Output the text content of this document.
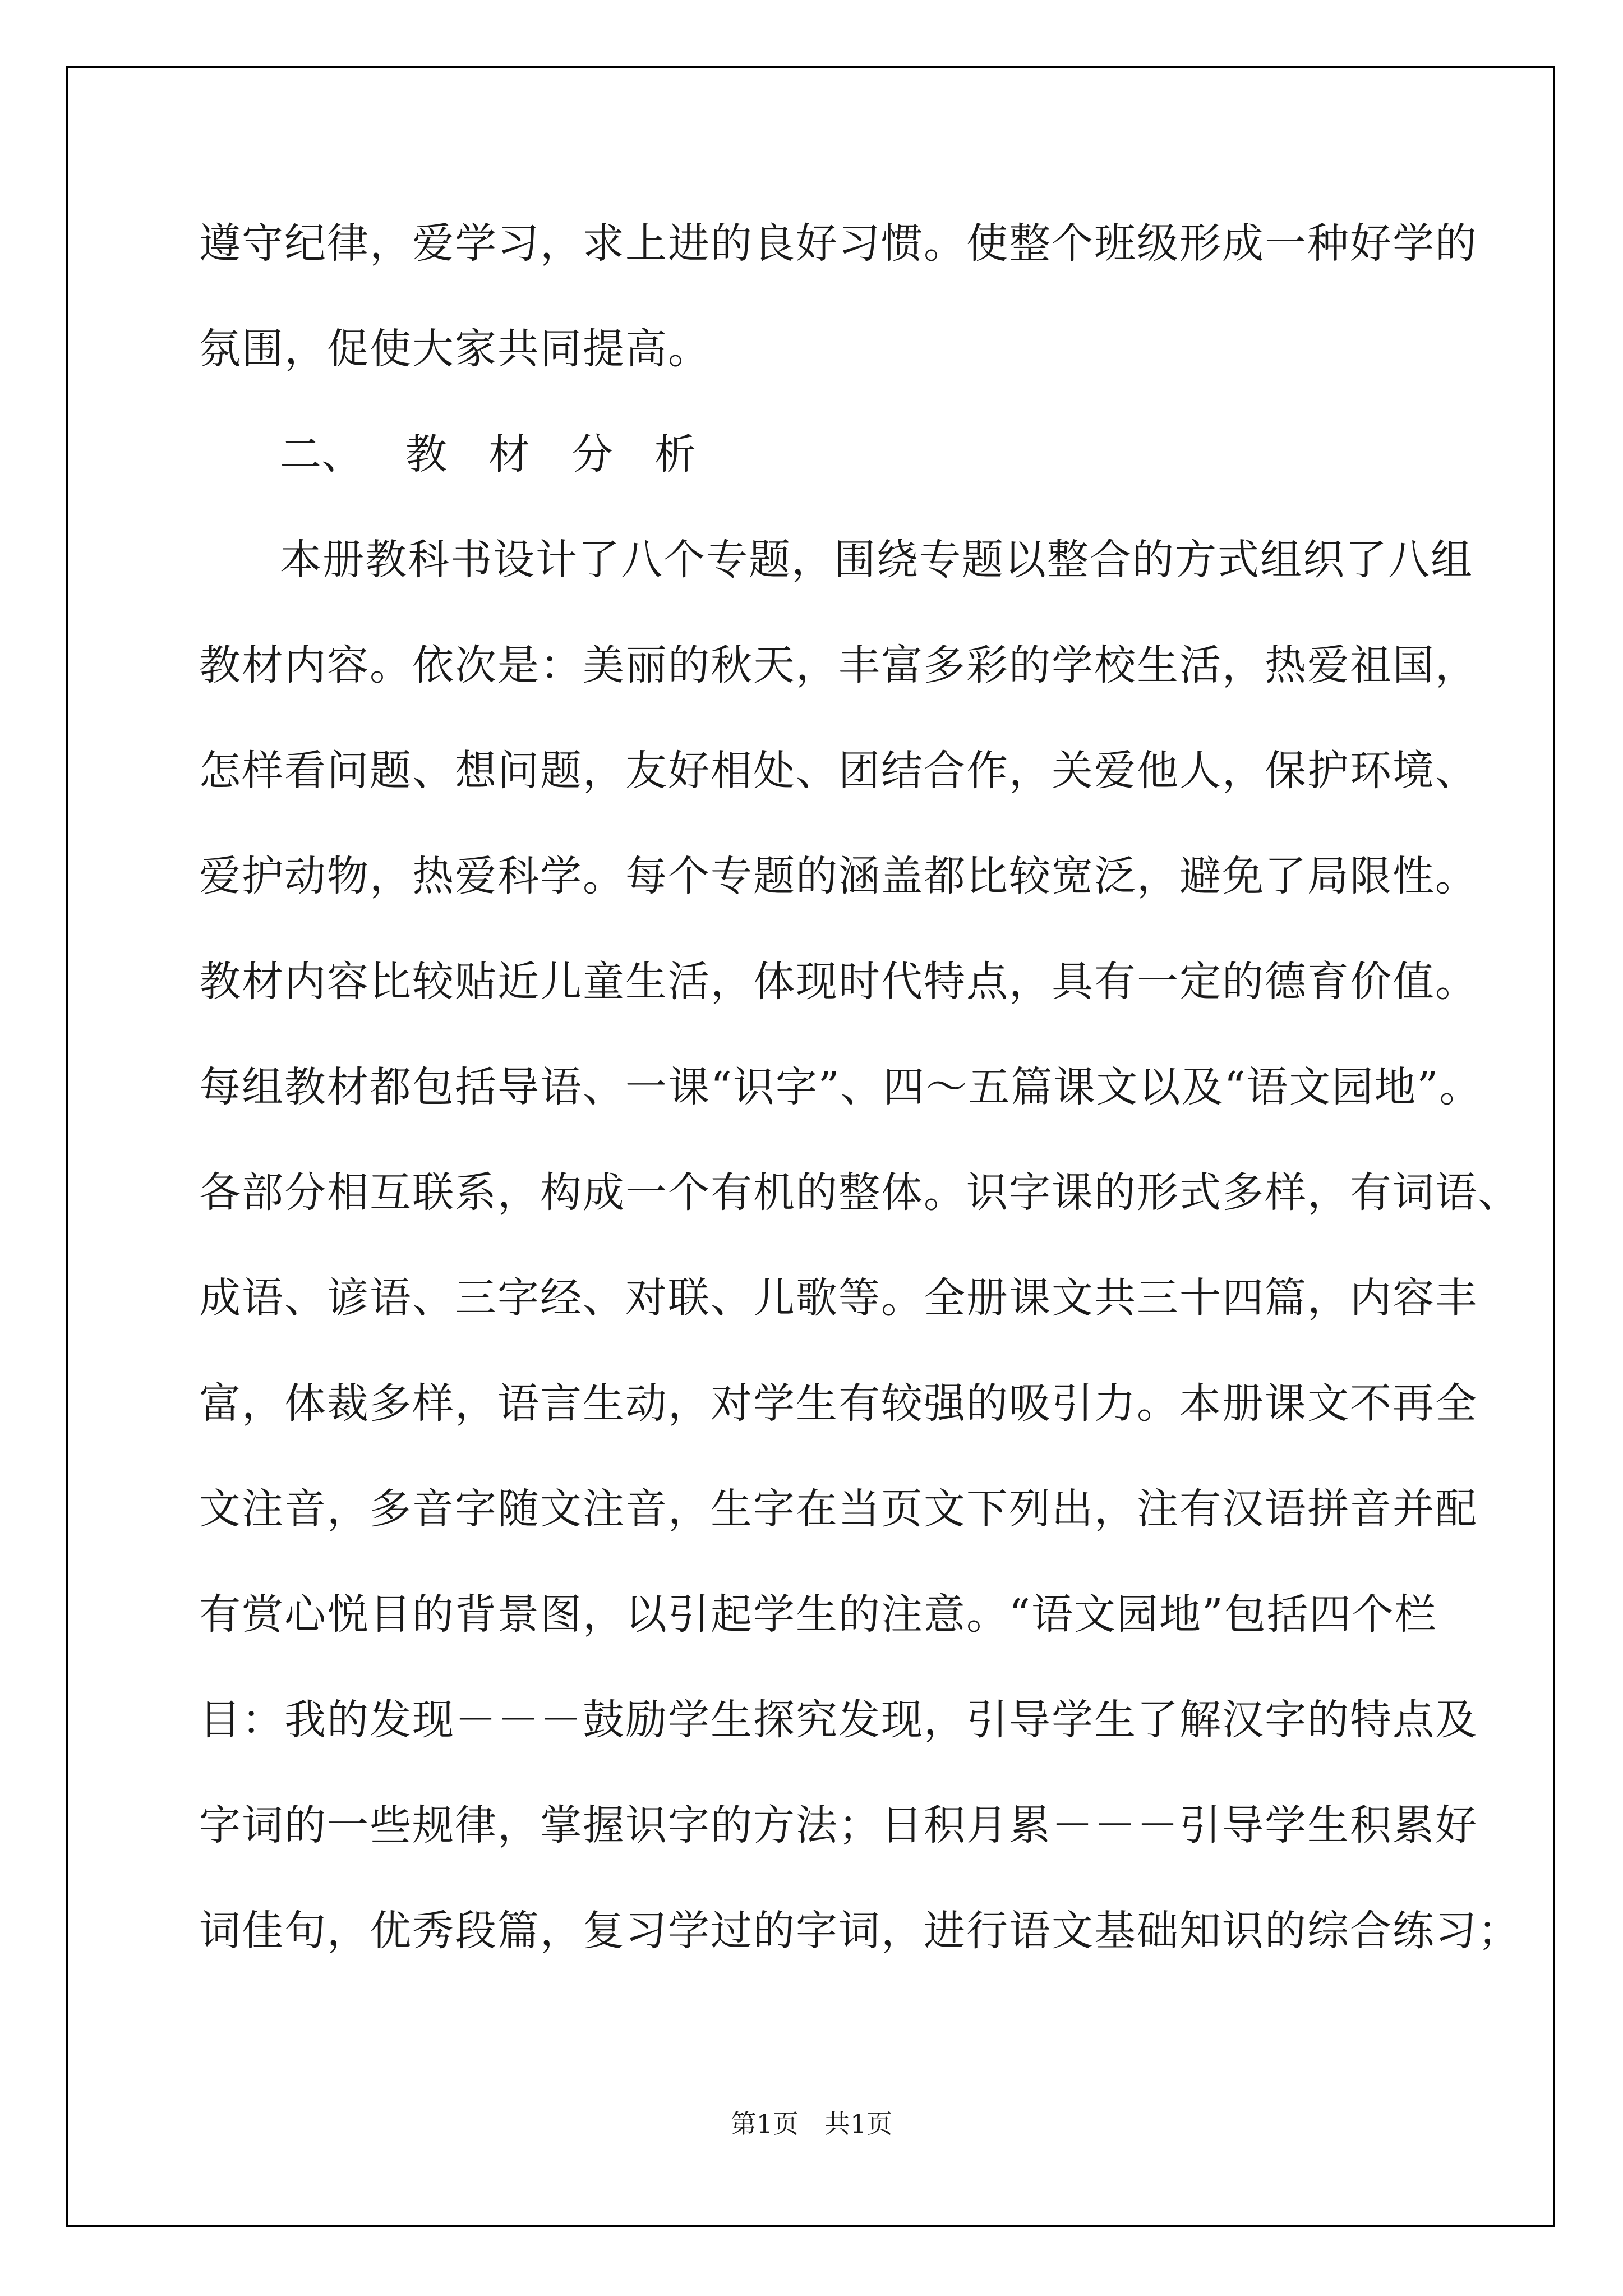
遵守纪律，爱学习，求上进的良好习惯。使整个班级形成一种好学的
氛围，促使大家共同提高。
二、 教 材 分 析
本册教科书设计了八个专题，围绕专题以整合的方式组织了八组
教材内容。依次是：美丽的秋天，丰富多彩的学校生活，热爱祖国，
怎样看问题、想问题，友好相处、团结合作，关爱他人，保护环境、
爱护动物，热爱科学。每个专题的涵盖都比较宽泛，避免了局限性。
教材内容比较贴近儿童生活，体现时代特点，具有一定的德育价值。
每组教材都包括导语、一课“识字”、四～五篇课文以及“语文园地”。
各部分相互联系，构成一个有机的整体。识字课的形式多样，有词语、
成语、谚语、三字经、对联、儿歌等。全册课文共三十四篇，内容丰
富，体裁多样，语言生动，对学生有较强的吸引力。本册课文不再全
文注音，多音字随文注音，生字在当页文下列出，注有汉语拼音并配
有赏心悦目的背景图，以引起学生的注意。“语文园地”包括四个栏
目：我的发现－－－鼓励学生探究发现，引导学生了解汉字的特点及
字词的一些规律，掌握识字的方法；日积月累－－－引导学生积累好
词佳句，优秀段篇，复习学过的字词，进行语文基础知识的综合练习；
第1页　共1页
